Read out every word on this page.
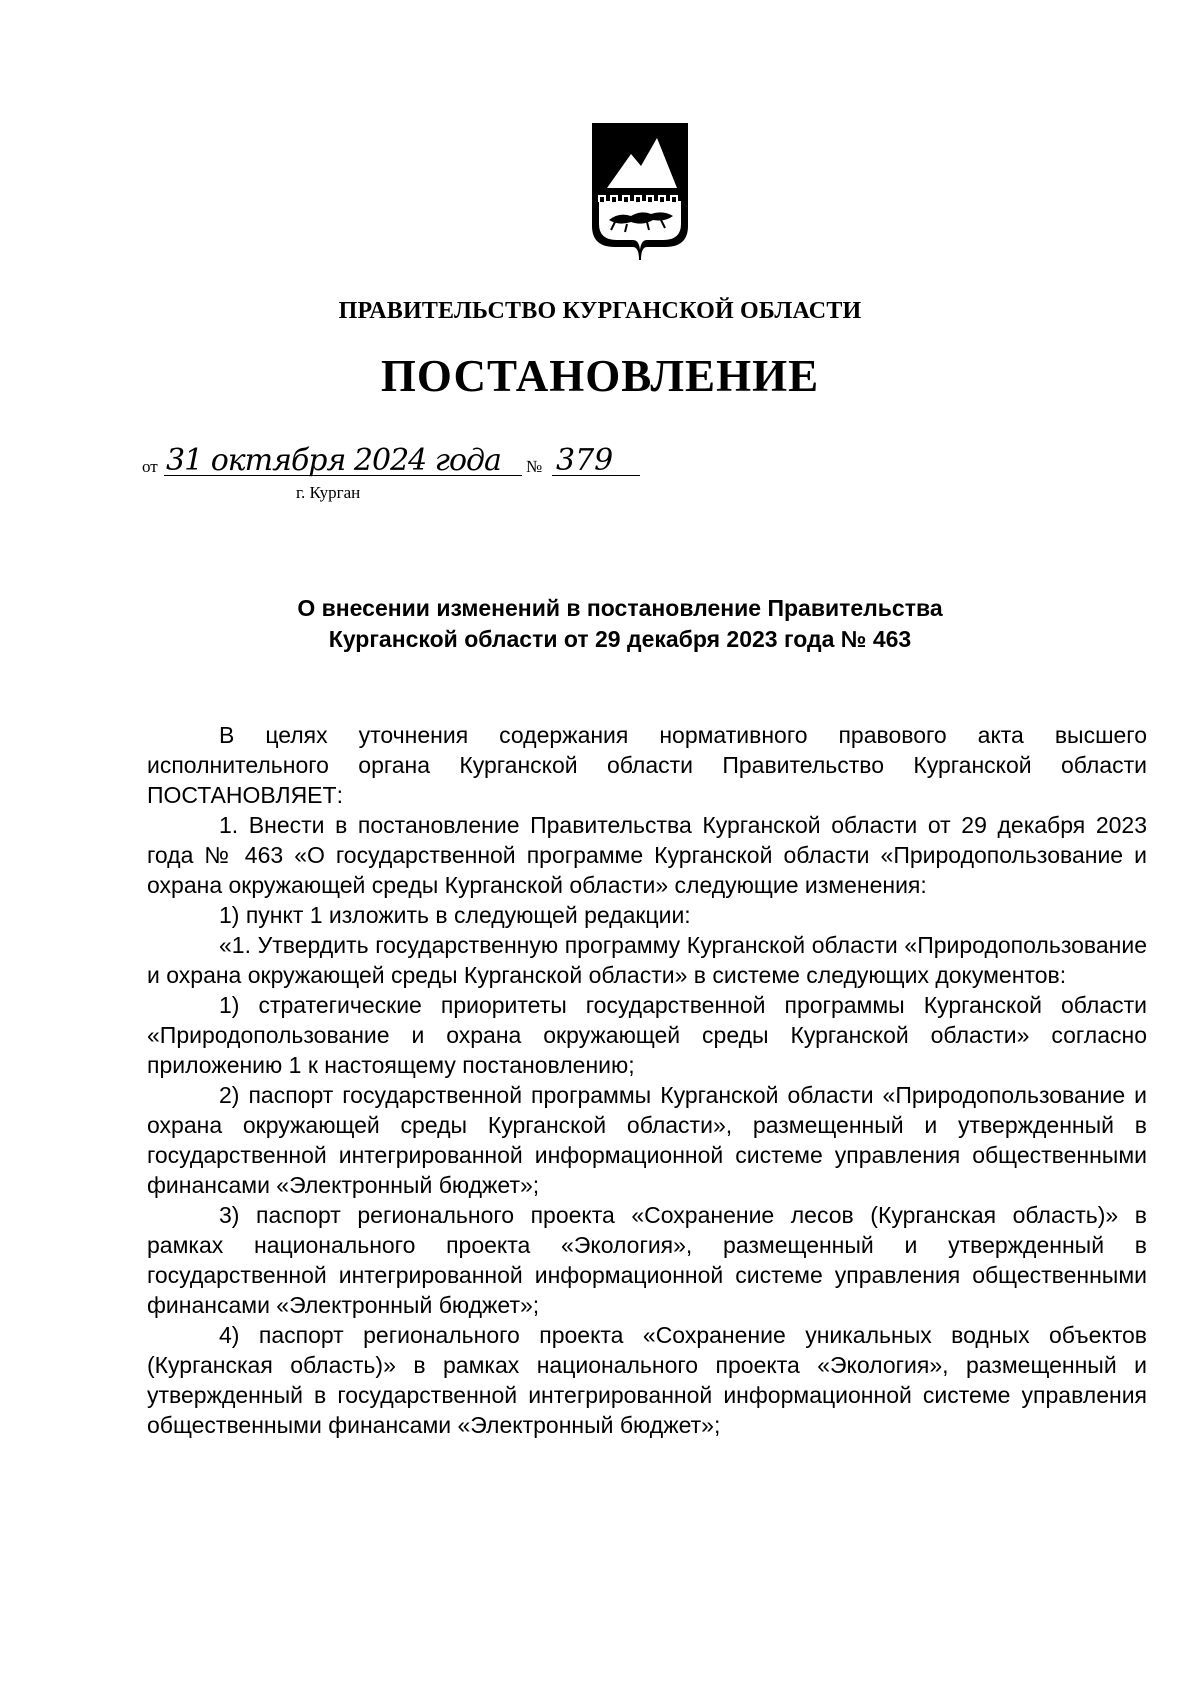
ПРАВИТЕЛЬСТВО КУРГАНСКОЙ ОБЛАСТИ
ПОСТАНОВЛЕНИЕ
от 31 октября 2024 года № 379
г. Курган
О внесении изменений в постановление Правительства
Курганской области от 29 декабря 2023 года № 463

В целях уточнения содержания нормативного правового акта высшего исполнительного органа Курганской области Правительство Курганской области ПОСТАНОВЛЯЕТ:

1. Внести в постановление Правительства Курганской области от 29 декабря 2023 года № 463 «О государственной программе Курганской области «Природопользование и охрана окружающей среды Курганской области» следующие изменения:

1) пункт 1 изложить в следующей редакции:

«1. Утвердить государственную программу Курганской области «Природопользование и охрана окружающей среды Курганской области» в системе следующих документов:

1) стратегические приоритеты государственной программы Курганской области «Природопользование и охрана окружающей среды Курганской области» согласно приложению 1 к настоящему постановлению;

2) паспорт государственной программы Курганской области «Природопользование и охрана окружающей среды Курганской области», размещенный и утвержденный в государственной интегрированной информационной системе управления общественными финансами «Электронный бюджет»;

3) паспорт регионального проекта «Сохранение лесов (Курганская область)» в рамках национального проекта «Экология», размещенный и утвержденный в государственной интегрированной информационной системе управления общественными финансами «Электронный бюджет»;

4) паспорт регионального проекта «Сохранение уникальных водных объектов (Курганская область)» в рамках национального проекта «Экология», размещенный и утвержденный в государственной интегрированной информационной системе управления общественными финансами «Электронный бюджет»;
